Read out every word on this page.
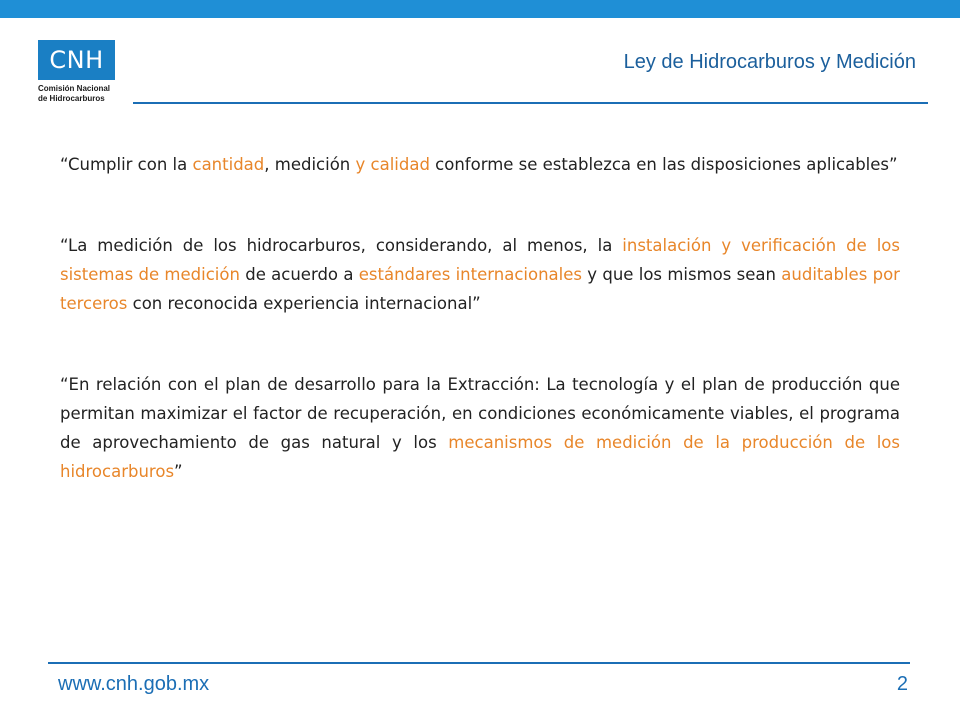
CNH
Comisión Nacional
de Hidrocarburos
Ley de Hidrocarburos y Medición

“Cumplir con la cantidad, medición y calidad conforme se establezca en las disposiciones aplicables”

“La medición de los hidrocarburos, considerando, al menos, la instalación y verificación de los sistemas de medición de acuerdo a estándares internacionales y que los mismos sean auditables por terceros con reconocida experiencia internacional”

“En relación con el plan de desarrollo para la Extracción: La tecnología y el plan de producción que permitan maximizar el factor de recuperación, en condiciones económicamente viables, el programa de aprovechamiento de gas natural y los mecanismos de medición de la producción de los hidrocarburos”

www.cnh.gob.mx	2
